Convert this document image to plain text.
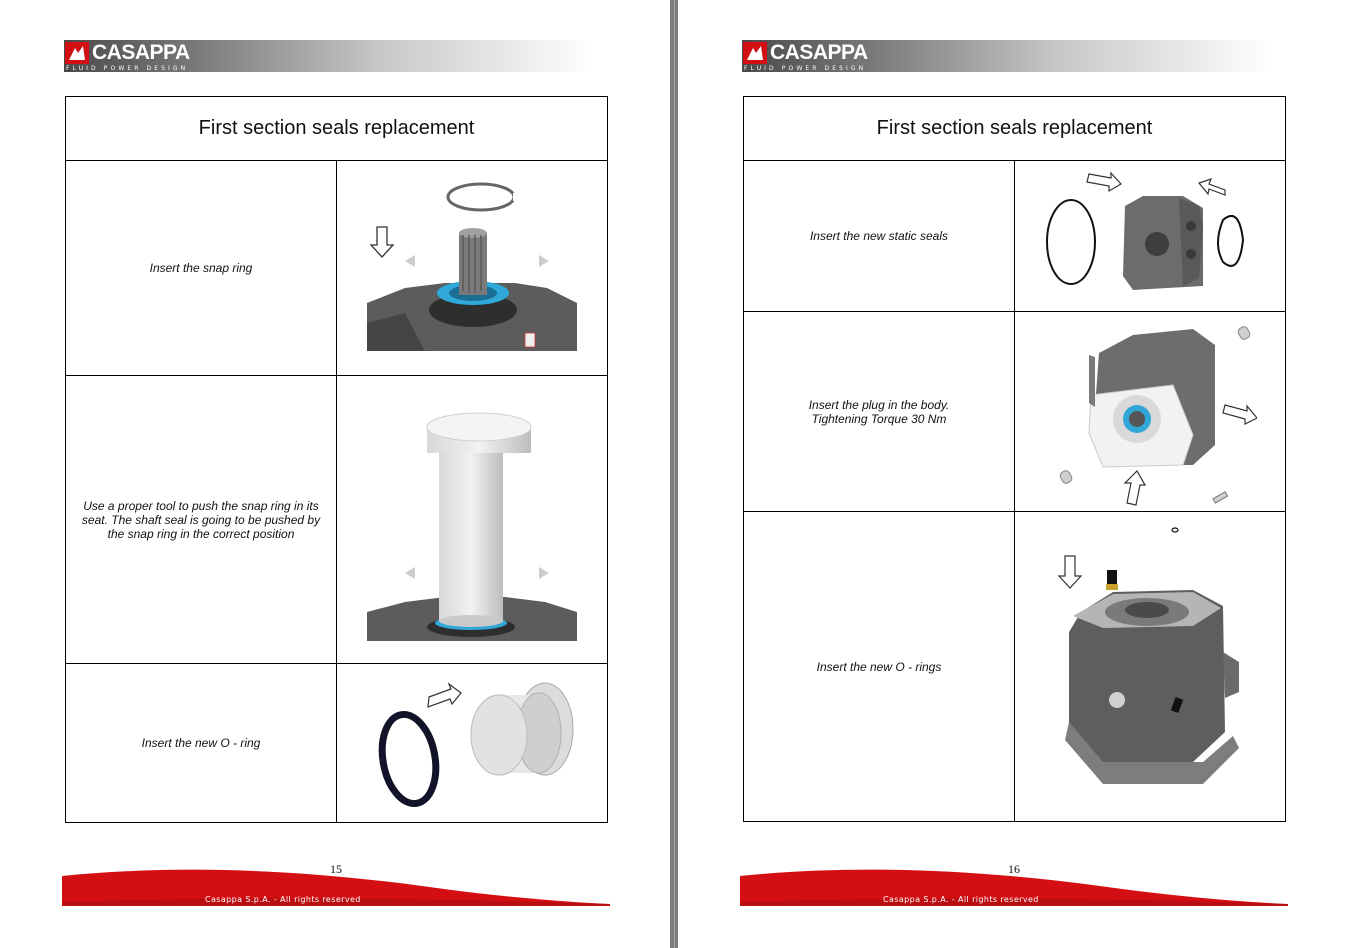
CASAPPA
FLUID POWER DESIGN
First section seals replacement	
Insert the snap ring	

Use a proper tool to push the snap ring in its seat. The shaft seal is going to be pushed by the snap ring in the correct position	

Insert the new O - ring	
15
Casappa S.p.A. - All rights reserved
CASAPPA
FLUID POWER DESIGN
First section seals replacement	
Insert the new static seals	

Insert the plug in the body.
Tightening Torque 30 Nm

Insert the new O - rings	
16
Casappa S.p.A. - All rights reserved
